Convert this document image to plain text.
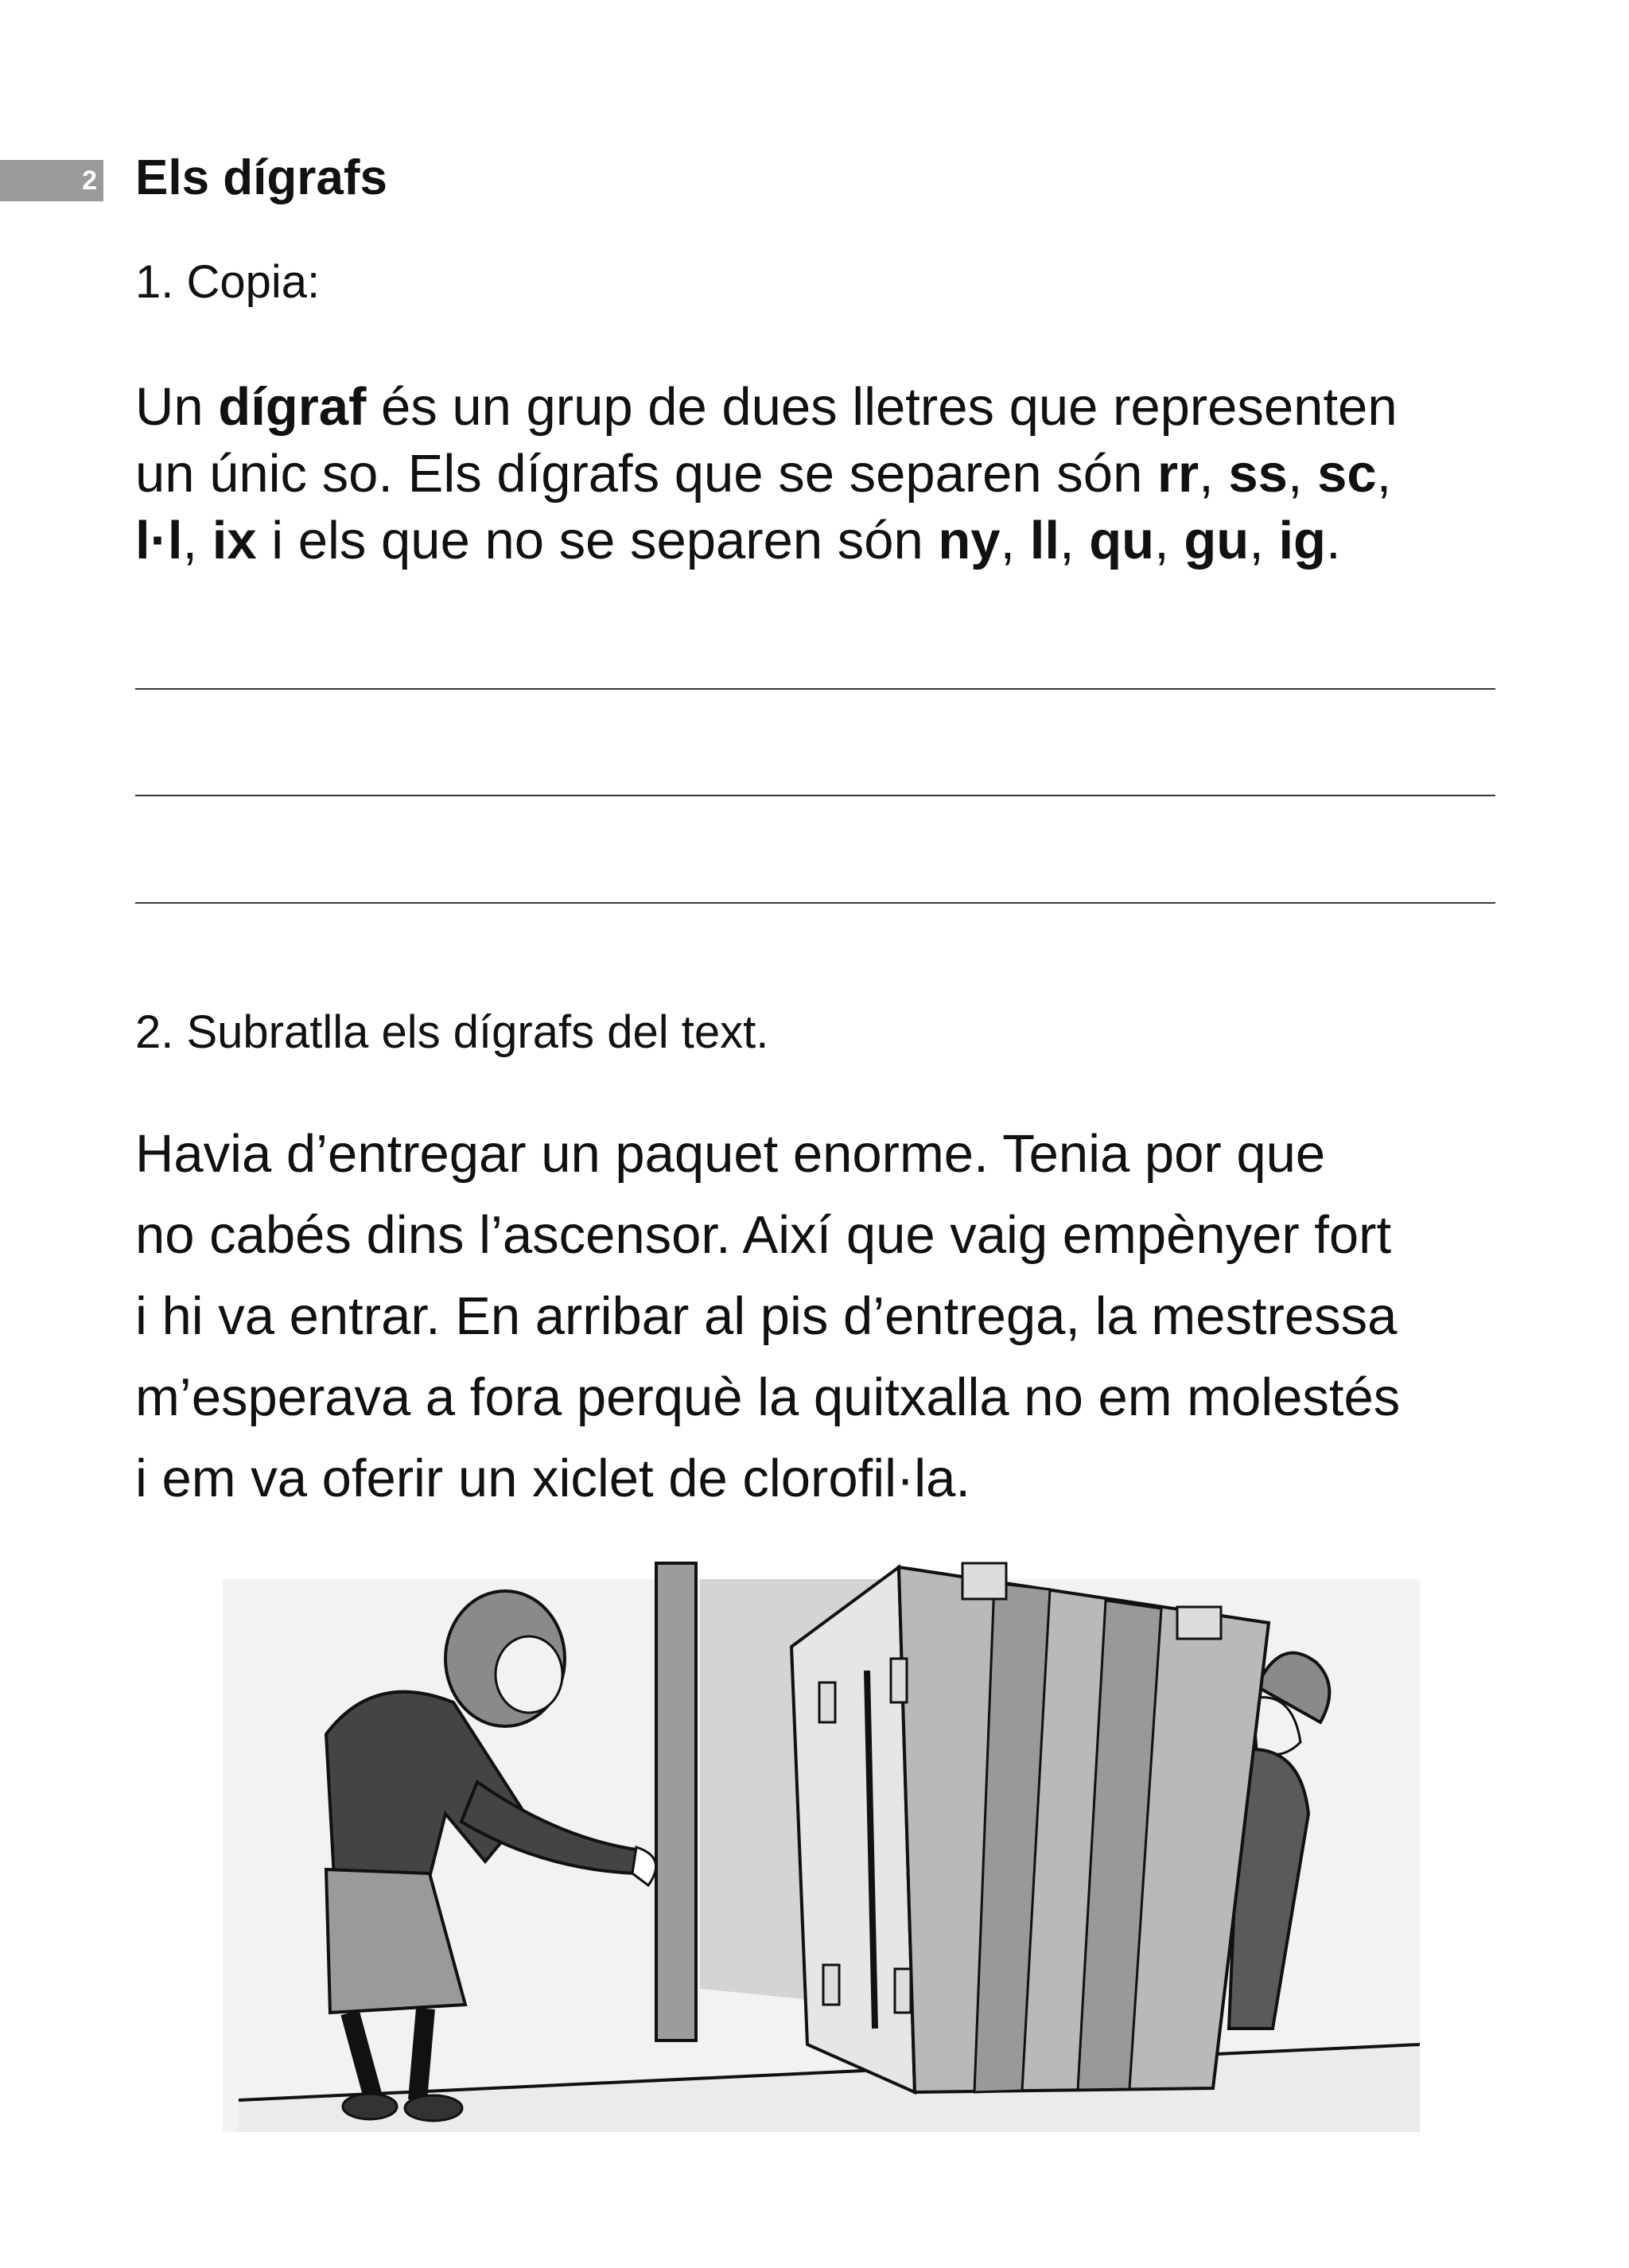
2 Els dígrafs
1. Copia:
Un dígraf és un grup de dues lletres que representen
un únic so. Els dígrafs que se separen són rr, ss, sc,
l·l, ix i els que no se separen són ny, ll, qu, gu, ig.
2. Subratlla els dígrafs del text.
Havia d’entregar un paquet enorme. Tenia por que
no cabés dins l’ascensor. Així que vaig empènyer fort
i hi va entrar. En arribar al pis d’entrega, la mestressa
m’esperava a fora perquè la quitxalla no em molestés
i em va oferir un xiclet de clorofil·la.
